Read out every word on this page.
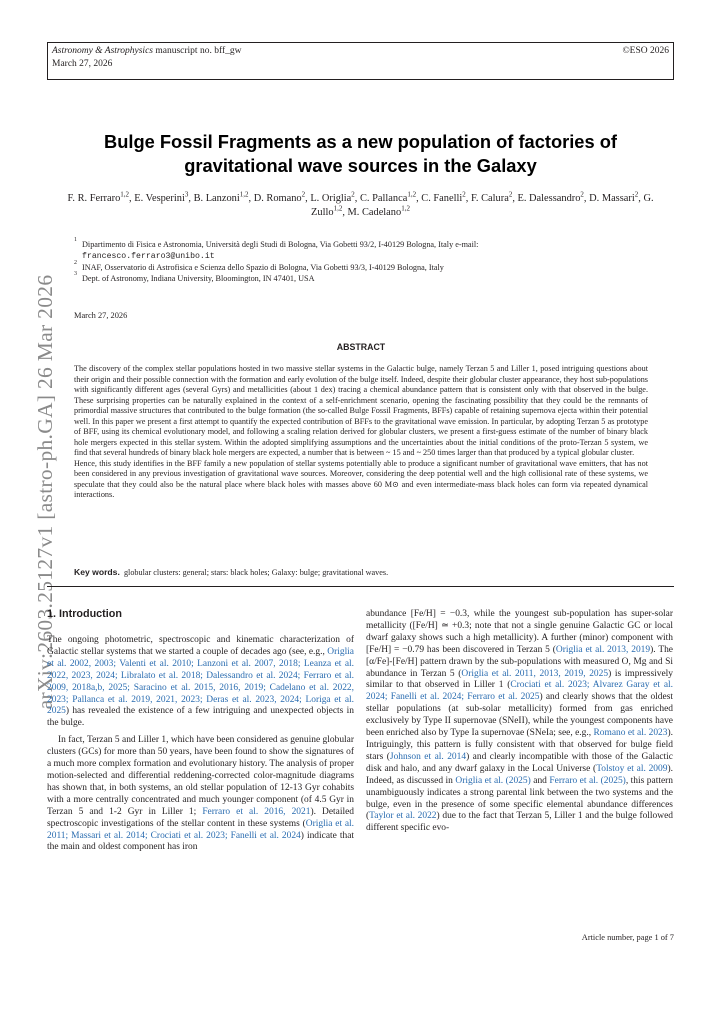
Astronomy & Astrophysics manuscript no. bff_gw
March 27, 2026
©ESO 2026
arXiv:2603.25127v1 [astro-ph.GA] 26 Mar 2026
Bulge Fossil Fragments as a new population of factories of
gravitational wave sources in the Galaxy
F. R. Ferraro$^{1,2}$, E. Vesperini$^3$, B. Lanzoni$^{1,2}$, D. Romano$^2$, L. Origlia$^2$, C. Pallanca$^{1,2}$, C. Fanelli$^2$, F. Calura$^2$, E. Dalessandro$^2$, D. Massari$^2$, G. Zullo$^{1,2}$, M. Cadelano$^{1,2}$
1 Dipartimento di Fisica e Astronomia, Università degli Studi di Bologna, Via Gobetti 93/2, I-40129 Bologna, Italy e-mail:
francesco.ferraro3@unibo.it
2 INAF, Osservatorio di Astrofisica e Scienza dello Spazio di Bologna, Via Gobetti 93/3, I-40129 Bologna, Italy
3 Dept. of Astronomy, Indiana University, Bloomington, IN 47401, USA
March 27, 2026
ABSTRACT

The discovery of the complex stellar populations hosted in two massive stellar systems in the Galactic bulge, namely Terzan 5 and Liller 1, posed intriguing questions about their origin and their possible connection with the formation and early evolution of the bulge itself. Indeed, despite their globular cluster appearance, they host sub-populations with significantly different ages (several Gyrs) and metallicities (about 1 dex) tracing a chemical abundance pattern that is consistent only with that observed in the bulge. These surprising properties can be naturally explained in the context of a self-enrichment scenario, opening the fascinating possibility that they could be the remnants of primordial massive structures that contributed to the bulge formation (the so-called Bulge Fossil Fragments, BFFs) capable of retaining supernova ejecta within their potential well. In this paper we present a first attempt to quantify the expected contribution of BFFs to the gravitational wave emission. In particular, by adopting Terzan 5 as prototype of BFF, using its chemical evolutionary model, and following a scaling relation derived for globular clusters, we present a first-guess estimate of the number of binary black hole mergers expected in this stellar system. Within the adopted simplifying assumptions and the uncertainties about the initial conditions of the proto-Terzan 5 system, we find that several hundreds of binary black hole mergers are expected, a number that is between ~ 15 and ~ 250 times larger than that produced by a typical globular cluster.

Hence, this study identifies in the BFF family a new population of stellar systems potentially able to produce a significant number of gravitational wave emitters, that has not been considered in any previous investigation of gravitational wave sources. Moreover, considering the deep potential well and the high collisional rate of these systems, we speculate that they could also be the natural place where black holes with masses above 60 M⊙ and even intermediate-mass black holes can form via repeated dynamical interactions.

Key words. globular clusters: general; stars: black holes; Galaxy: bulge; gravitational waves.
1. Introduction

The ongoing photometric, spectroscopic and kinematic characterization of Galactic stellar systems that we started a couple of decades ago (see, e.g., Origlia et al. 2002, 2003; Valenti et al. 2010; Lanzoni et al. 2007, 2018; Leanza et al. 2022, 2023, 2024; Libralato et al. 2018; Dalessandro et al. 2024; Ferraro et al. 2009, 2018a,b, 2025; Saracino et al. 2015, 2016, 2019; Cadelano et al. 2022, 2023; Pallanca et al. 2019, 2021, 2023; Deras et al. 2023, 2024; Loriga et al. 2025) has revealed the existence of a few intriguing and unexpected objects in the bulge.

In fact, Terzan 5 and Liller 1, which have been considered as genuine globular clusters (GCs) for more than 50 years, have been found to show the signatures of a much more complex formation and evolutionary history. The analysis of proper motion-selected and differential reddening-corrected color-magnitude diagrams has shown that, in both systems, an old stellar population of 12-13 Gyr cohabits with a more centrally concentrated and much younger component (of 4.5 Gyr in Terzan 5 and 1-2 Gyr in Liller 1; Ferraro et al. 2016, 2021). Detailed spectroscopic investigations of the stellar content in these systems (Origlia et al. 2011; Massari et al. 2014; Crociati et al. 2023; Fanelli et al. 2024) indicate that the main and oldest component has iron

abundance [Fe/H] = −0.3, while the youngest sub-population has super-solar metallicity ([Fe/H] ≃ +0.3; note that not a single genuine Galactic GC or local dwarf galaxy shows such a high metallicity). A further (minor) component with [Fe/H] = −0.79 has been discovered in Terzan 5 (Origlia et al. 2013, 2019). The [α/Fe]-[Fe/H] pattern drawn by the sub-populations with measured O, Mg and Si abundance in Terzan 5 (Origlia et al. 2011, 2013, 2019, 2025) is impressively similar to that observed in Liller 1 (Crociati et al. 2023; Alvarez Garay et al. 2024; Fanelli et al. 2024; Ferraro et al. 2025) and clearly shows that the oldest stellar populations (at sub-solar metallicity) formed from gas enriched exclusively by Type II supernovae (SNeII), while the youngest components have been enriched also by Type Ia supernovae (SNeIa; see, e.g., Romano et al. 2023). Intriguingly, this pattern is fully consistent with that observed for bulge field stars (Johnson et al. 2014) and clearly incompatible with those of the Galactic disk and halo, and any dwarf galaxy in the Local Universe (Tolstoy et al. 2009). Indeed, as discussed in Origlia et al. (2025) and Ferraro et al. (2025), this pattern unambiguously indicates a strong parental link between the two systems and the bulge, even in the presence of some specific elemental abundance differences (Taylor et al. 2022) due to the fact that Terzan 5, Liller 1 and the bulge followed different specific evo-

Article number, page 1 of 7
